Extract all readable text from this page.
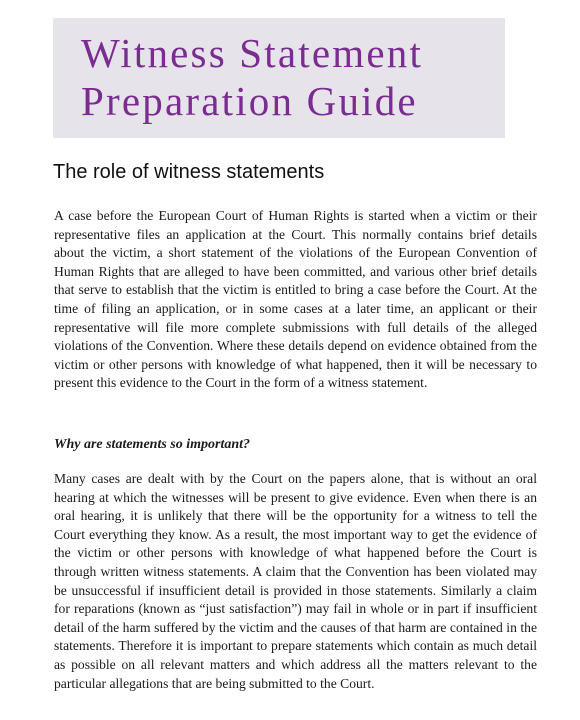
Witness Statement
Preparation Guide
The role of witness statements

A case before the European Court of Human Rights is started when a victim or their representative files an application at the Court. This normally contains brief details about the victim, a short statement of the violations of the European Convention of Human Rights that are alleged to have been committed, and various other brief details that serve to establish that the victim is entitled to bring a case before the Court. At the time of filing an application, or in some cases at a later time, an applicant or their representative will file more complete submissions with full details of the alleged violations of the Convention. Where these details depend on evidence obtained from the victim or other persons with knowledge of what happened, then it will be necessary to present this evidence to the Court in the form of a witness statement.

Why are statements so important?

Many cases are dealt with by the Court on the papers alone, that is without an oral hearing at which the witnesses will be present to give evidence. Even when there is an oral hearing, it is unlikely that there will be the opportunity for a witness to tell the Court everything they know. As a result, the most important way to get the evidence of the victim or other persons with knowledge of what happened before the Court is through written witness statements. A claim that the Convention has been violated may be unsuccessful if insufficient detail is provided in those statements. Similarly a claim for reparations (known as “just satisfaction”) may fail in whole or in part if insufficient detail of the harm suffered by the victim and the causes of that harm are contained in the statements. Therefore it is important to prepare statements which contain as much detail as possible on all relevant matters and which address all the matters relevant to the particular allegations that are being submitted to the Court.
